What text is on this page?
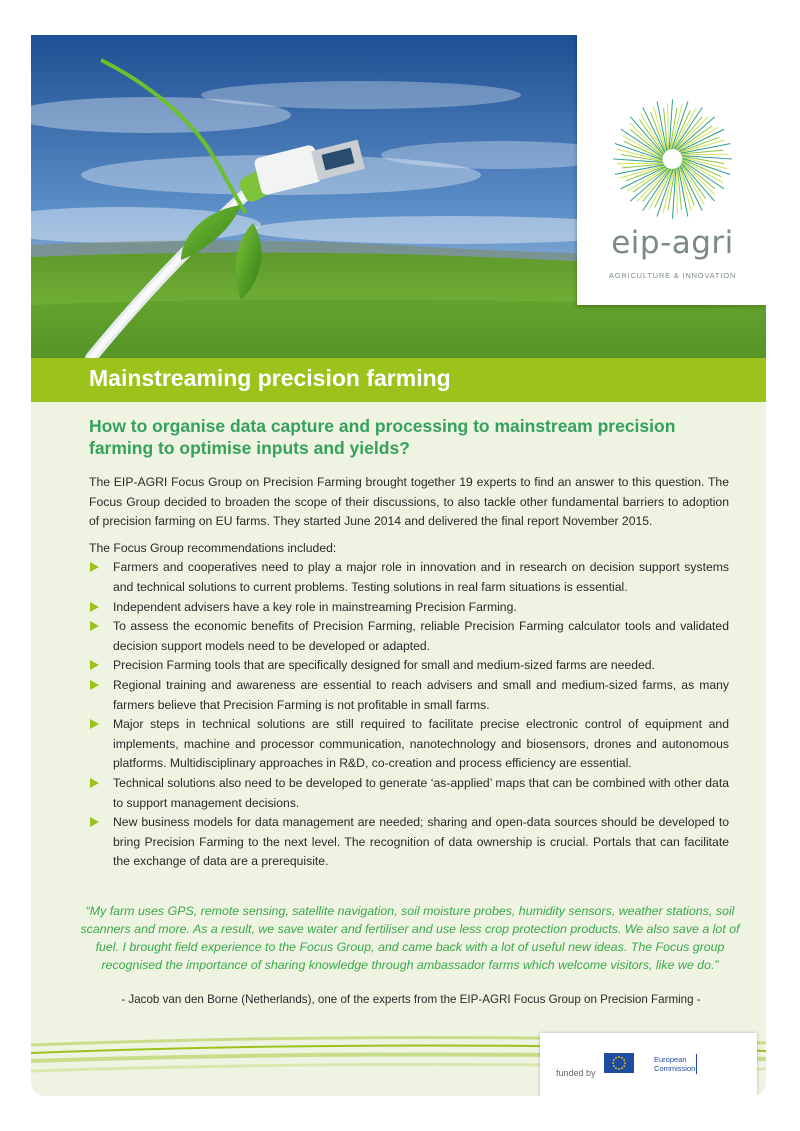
eip-agri
AGRICULTURE & INNOVATION
Mainstreaming precision farming
How to organise data capture and processing to mainstream precision farming to optimise inputs and yields?

The EIP-AGRI Focus Group on Precision Farming brought together 19 experts to find an answer to this question. The Focus Group decided to broaden the scope of their discussions, to also tackle other fundamental barriers to adoption of precision farming on EU farms. They started June 2014 and delivered the final report November 2015.

The Focus Group recommendations included:

Farmers and cooperatives need to play a major role in innovation and in research on decision support systems and technical solutions to current problems. Testing solutions in real farm situations is essential.
Independent advisers have a key role in mainstreaming Precision Farming.
To assess the economic benefits of Precision Farming, reliable Precision Farming calculator tools and validated decision support models need to be developed or adapted.
Precision Farming tools that are specifically designed for small and medium-sized farms are needed.
Regional training and awareness are essential to reach advisers and small and medium-sized farms, as many farmers believe that Precision Farming is not profitable in small farms.
Major steps in technical solutions are still required to facilitate precise electronic control of equipment and implements, machine and processor communication, nanotechnology and biosensors, drones and autonomous platforms. Multidisciplinary approaches in R&D, co-creation and process efficiency are essential.
Technical solutions also need to be developed to generate ‘as-applied’ maps that can be combined with other data to support management decisions.
New business models for data management are needed; sharing and open-data sources should be developed to bring Precision Farming to the next level. The recognition of data ownership is crucial. Portals that can facilitate the exchange of data are a prerequisite.

“My farm uses GPS, remote sensing, satellite navigation, soil moisture probes, humidity sensors, weather stations, soil scanners and more. As a result, we save water and fertiliser and use less crop protection products. We also save a lot of fuel. I brought field experience to the Focus Group, and came back with a lot of useful new ideas. The Focus group recognised the importance of sharing knowledge through ambassador farms which welcome visitors, like we do.”

- Jacob van den Borne (Netherlands), one of the experts from the EIP-AGRI Focus Group on Precision Farming -

funded by
European
Commission
